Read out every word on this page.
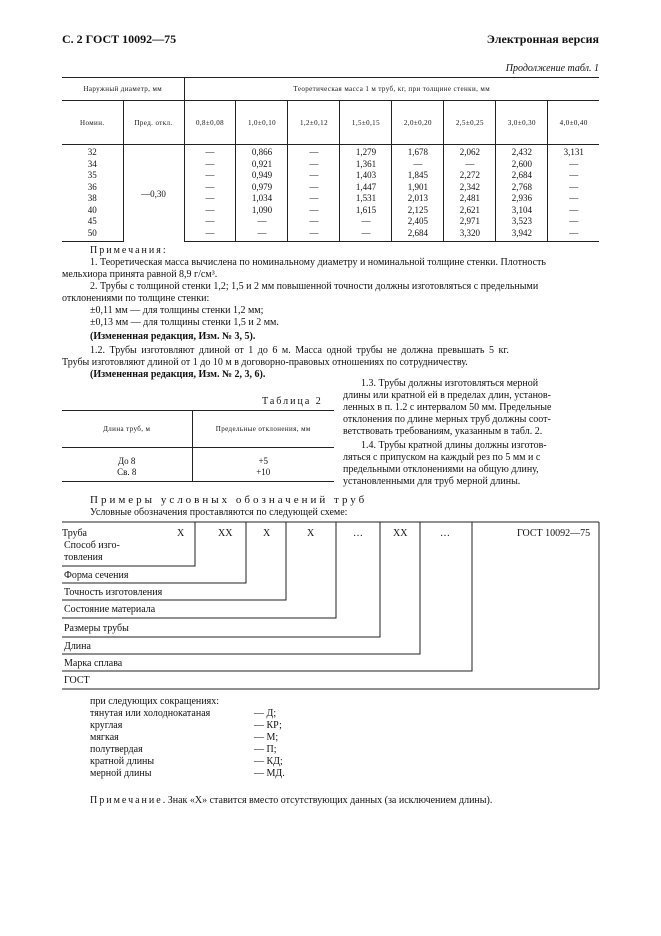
С. 2 ГОСТ 10092—75	Электронная версия
Продолжение табл. 1
Наружный диаметр, мм		Теоретическая масса 1 м труб, кг, при толщине стенки, мм							
Номин.	Пред. откл.	0,8±0,08	1,0±0,10	1,2±0,12	1,5±0,15	2,0±0,20	2,5±0,25	3,0±0,30	4,0±0,40
32	—0,30	—	0,866	—	1,279	1,678	2,062	2,432	3,131
34		—	0,921	—	1,361	—	—	2,600	—
35		—	0,949	—	1,403	1,845	2,272	2,684	—
36		—	0,979	—	1,447	1,901	2,342	2,768	—
38		—	1,034	—	1,531	2,013	2,481	2,936	—
40		—	1,090	—	1,615	2,125	2,621	3,104	—
45		—	—	—	—	2,405	2,971	3,523	—
50		—	—	—	—	2,684	3,320	3,942	—
Примечания:
1. Теоретическая масса вычислена по номинальному диаметру и номинальной толщине стенки. Плотность
мельхиора принята равной 8,9 г/см³.
2. Трубы с толщиной стенки 1,2; 1,5 и 2 мм повышенной точности должны изготовляться с предельными
отклонениями по толщине стенки:
±0,11 мм — для толщины стенки 1,2 мм;
±0,13 мм — для толщины стенки 1,5 и 2 мм.
(Измененная редакция, Изм. № 3, 5).
1.2. Трубы изготовляют длиной от 1 до 6 м. Масса одной трубы не должна превышать 5 кг.
Трубы изготовляют длиной от 1 до 10 м в договорно-правовых отношениях по сотрудничеству.
(Измененная редакция, Изм. № 2, 3, 6).
Таблица 2
Длина труб, м	Предельные отклонения, мм
До 8	+5
Св. 8	+10
1.3. Трубы должны изготовляться мерной
длины или кратной ей в пределах длин, установ-
ленных в п. 1.2 с интервалом 50 мм. Предельные
отклонения по длине мерных труб должны соот-
ветствовать требованиям, указанным в табл. 2.
1.4. Трубы кратной длины должны изготов-
ляться с припуском на каждый рез по 5 мм и с
предельными отклонениями на общую длину,
установленными для труб мерной длины.
Примеры условных обозначений труб
Условные обозначения проставляются по следующей схеме:
Труба	X	XX	X	X	…	XX	…	ГОСТ 10092—75
Способ изго-
товления
Форма сечения
Точность изготовления
Состояние материала
Размеры трубы
Длина
Марка сплава
ГОСТ
при следующих сокращениях:
тянутая или холоднокатаная	— Д;
круглая	— КР;
мягкая	— М;
полутвердая	— П;
кратной длины	— КД;
мерной длины	— МД.
Примечание. Знак «Х» ставится вместо отсутствующих данных (за исключением длины).
